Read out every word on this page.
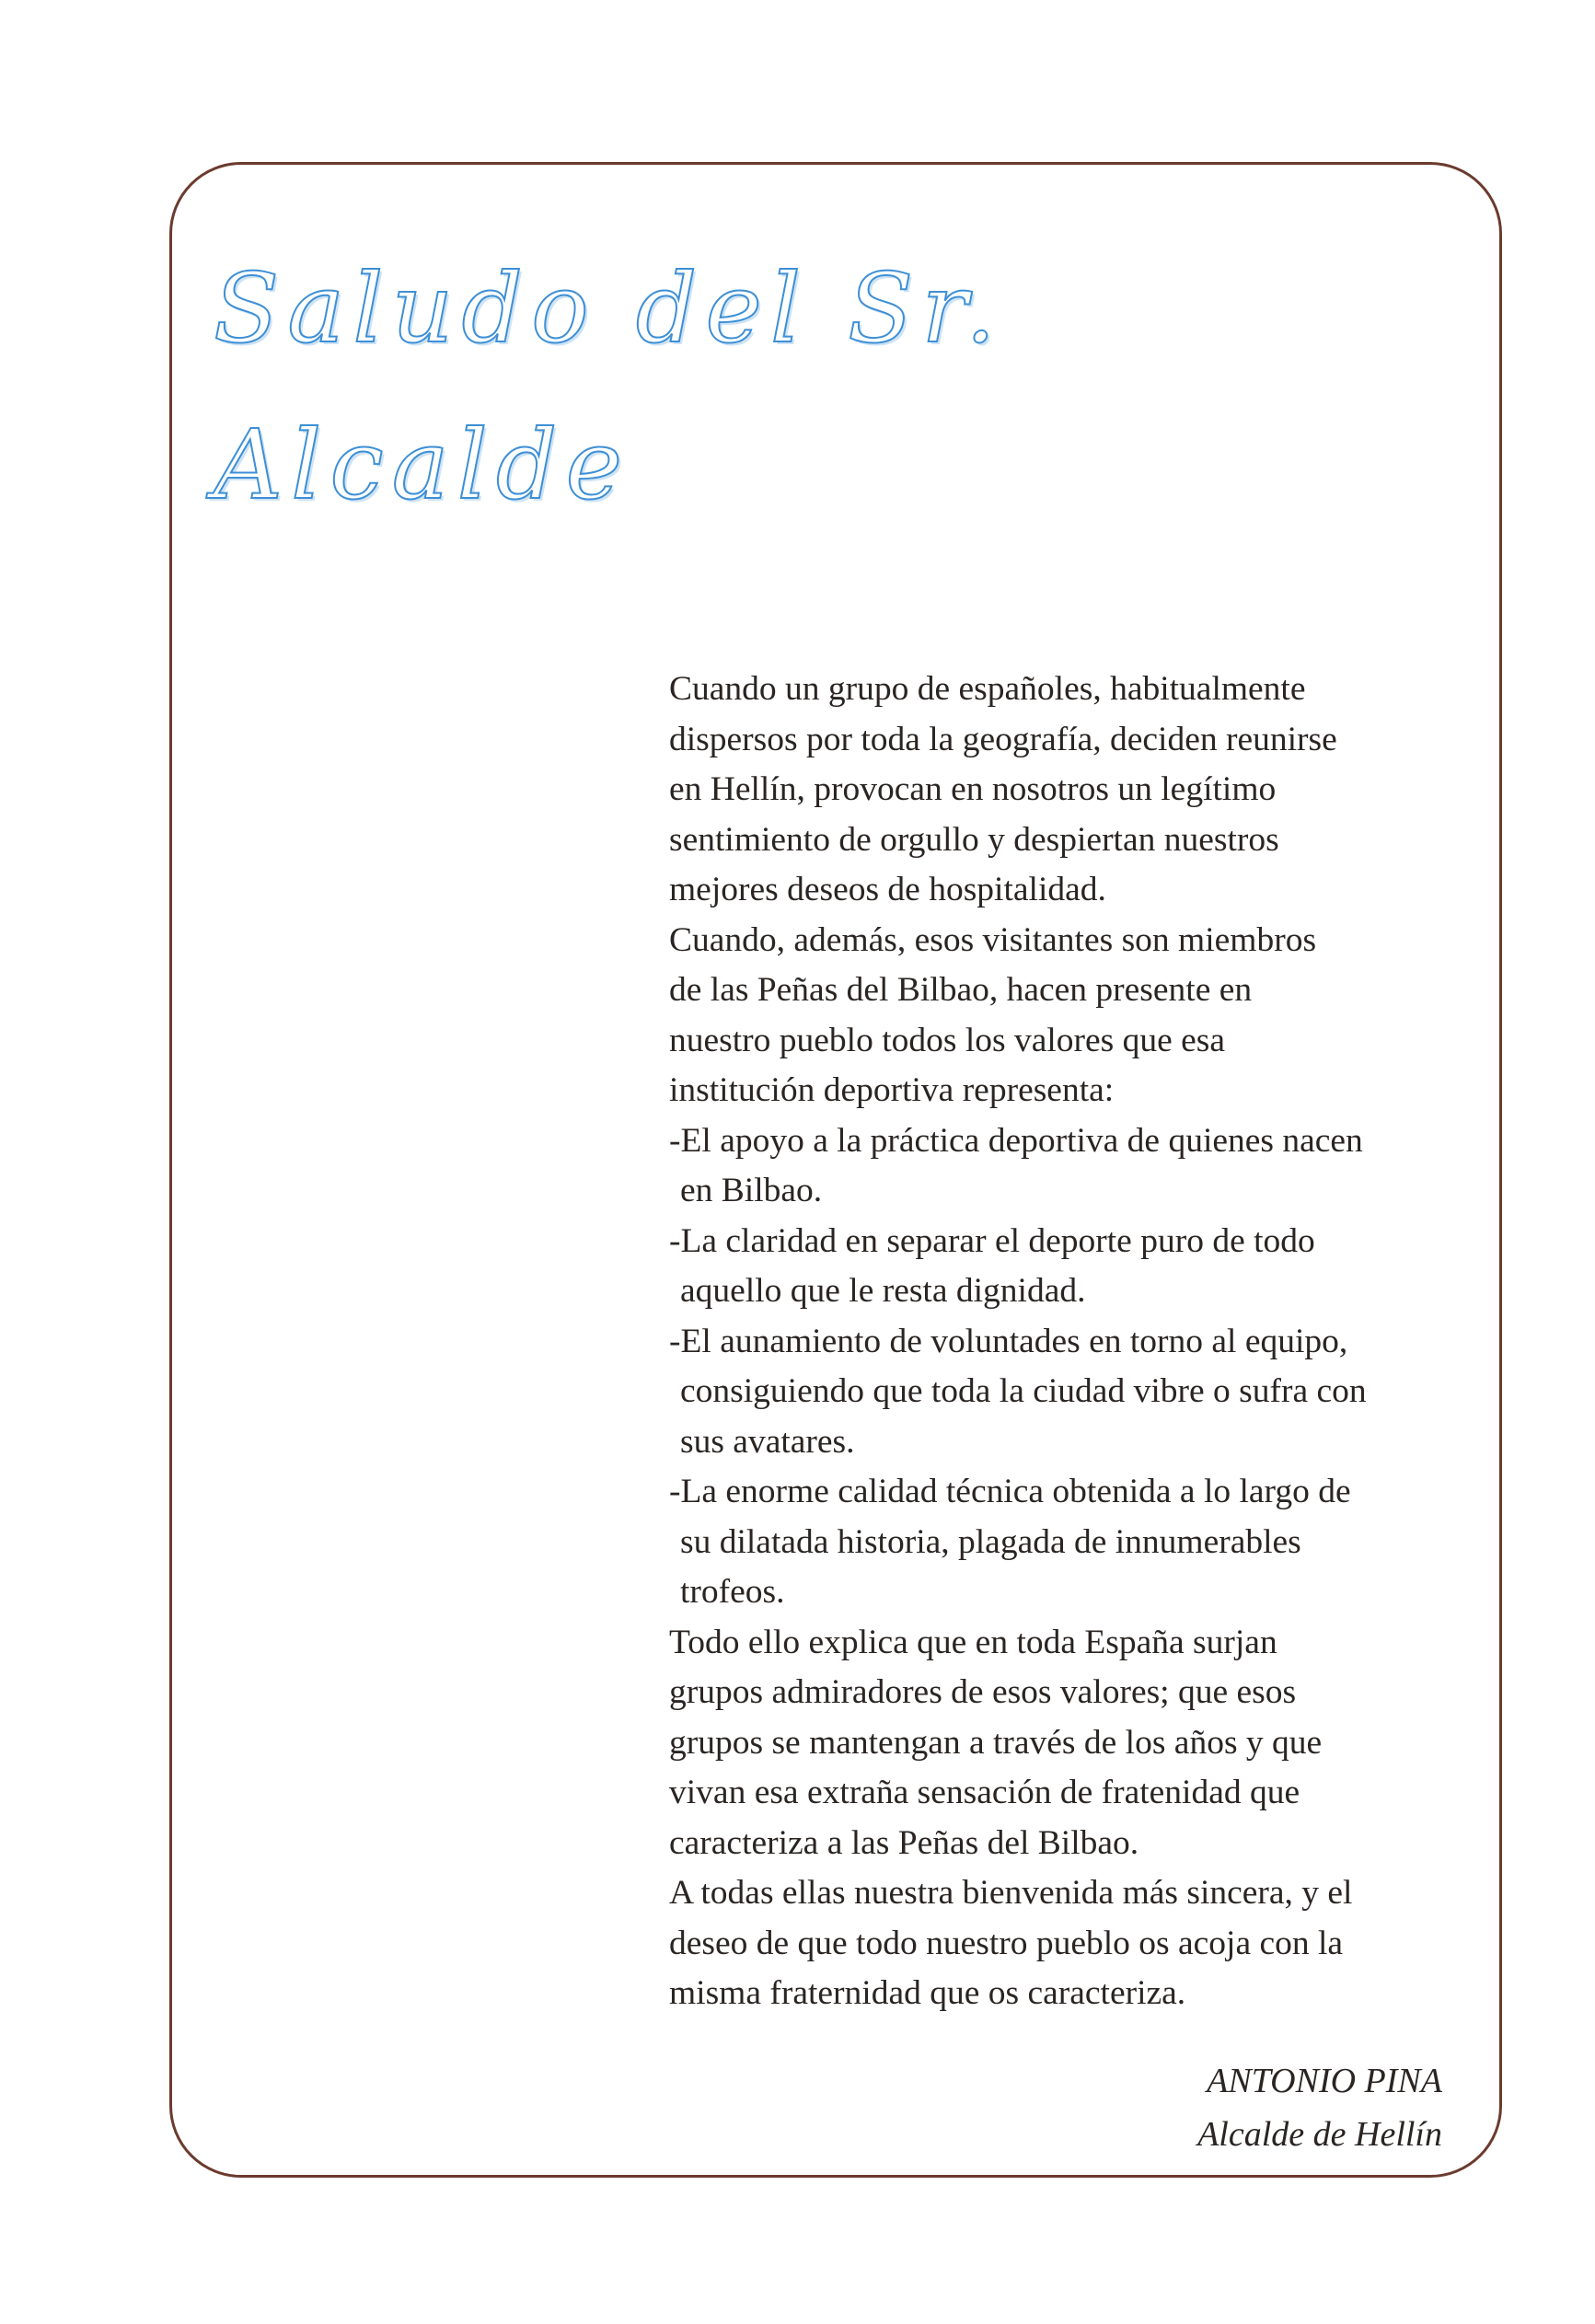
Saludo del Sr.
Alcalde
Cuando un grupo de españoles, habitualmente
dispersos por toda la geografía, deciden reunirse
en Hellín, provocan en nosotros un legítimo
sentimiento de orgullo y despiertan nuestros
mejores deseos de hospitalidad.
Cuando, además, esos visitantes son miembros
de las Peñas del Bilbao, hacen presente en
nuestro pueblo todos los valores que esa
institución deportiva representa:
-El apoyo a la práctica deportiva de quienes nacen
en Bilbao.
-La claridad en separar el deporte puro de todo
aquello que le resta dignidad.
-El aunamiento de voluntades en torno al equipo,
consiguiendo que toda la ciudad vibre o sufra con
sus avatares.
-La enorme calidad técnica obtenida a lo largo de
su dilatada historia, plagada de innumerables
trofeos.
Todo ello explica que en toda España surjan
grupos admiradores de esos valores; que esos
grupos se mantengan a través de los años y que
vivan esa extraña sensación de fratenidad que
caracteriza a las Peñas del Bilbao.
A todas ellas nuestra bienvenida más sincera, y el
deseo de que todo nuestro pueblo os acoja con la
misma fraternidad que os caracteriza.
ANTONIO PINA
Alcalde de Hellín
